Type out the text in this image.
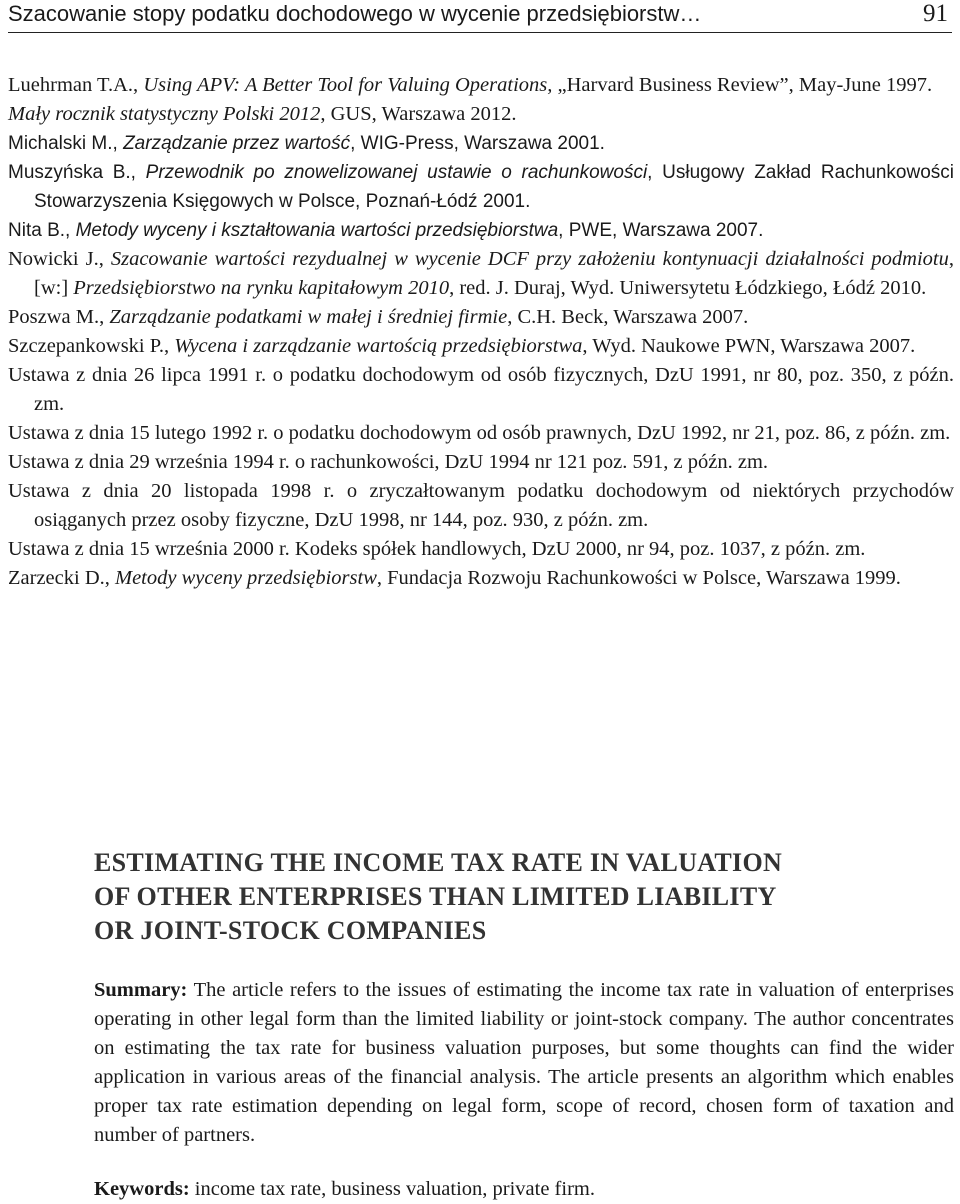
Szacowanie stopy podatku dochodowego w wycenie przedsiębiorstw…	91
Luehrman T.A., Using APV: A Better Tool for Valuing Operations, „Harvard Business Review”, May-June 1997.
Mały rocznik statystyczny Polski 2012, GUS, Warszawa 2012.
Michalski M., Zarządzanie przez wartość, WIG-Press, Warszawa 2001.
Muszyńska B., Przewodnik po znowelizowanej ustawie o rachunkowości, Usługowy Zakład Rachunkowości Stowarzyszenia Księgowych w Polsce, Poznań-Łódź 2001.
Nita B., Metody wyceny i kształtowania wartości przedsiębiorstwa, PWE, Warszawa 2007.
Nowicki J., Szacowanie wartości rezydualnej w wycenie DCF przy założeniu kontynuacji działalności podmiotu, [w:] Przedsiębiorstwo na rynku kapitałowym 2010, red. J. Duraj, Wyd. Uniwersytetu Łódzkiego, Łódź 2010.
Poszwa M., Zarządzanie podatkami w małej i średniej firmie, C.H. Beck, Warszawa 2007.
Szczepankowski P., Wycena i zarządzanie wartością przedsiębiorstwa, Wyd. Naukowe PWN, Warszawa 2007.
Ustawa z dnia 26 lipca 1991 r. o podatku dochodowym od osób fizycznych, DzU 1991, nr 80, poz. 350, z późn. zm.
Ustawa z dnia 15 lutego 1992 r. o podatku dochodowym od osób prawnych, DzU 1992, nr 21, poz. 86, z późn. zm.
Ustawa z dnia 29 września 1994 r. o rachunkowości, DzU 1994 nr 121 poz. 591, z późn. zm.
Ustawa z dnia 20 listopada 1998 r. o zryczałtowanym podatku dochodowym od niektórych przychodów osiąganych przez osoby fizyczne, DzU 1998, nr 144, poz. 930, z późn. zm.
Ustawa z dnia 15 września 2000 r. Kodeks spółek handlowych, DzU 2000, nr 94, poz. 1037, z późn. zm.
Zarzecki D., Metody wyceny przedsiębiorstw, Fundacja Rozwoju Rachunkowości w Polsce, Warszawa 1999.
ESTIMATING THE INCOME TAX RATE IN VALUATION
OF OTHER ENTERPRISES THAN LIMITED LIABILITY
OR JOINT-STOCK COMPANIES

Summary: The article refers to the issues of estimating the income tax rate in valuation of enterprises operating in other legal form than the limited liability or joint-stock company. The author concentrates on estimating the tax rate for business valuation purposes, but some thoughts can find the wider application in various areas of the financial analysis. The article presents an algorithm which enables proper tax rate estimation depending on legal form, scope of record, chosen form of taxation and number of partners.

Keywords: income tax rate, business valuation, private firm.
